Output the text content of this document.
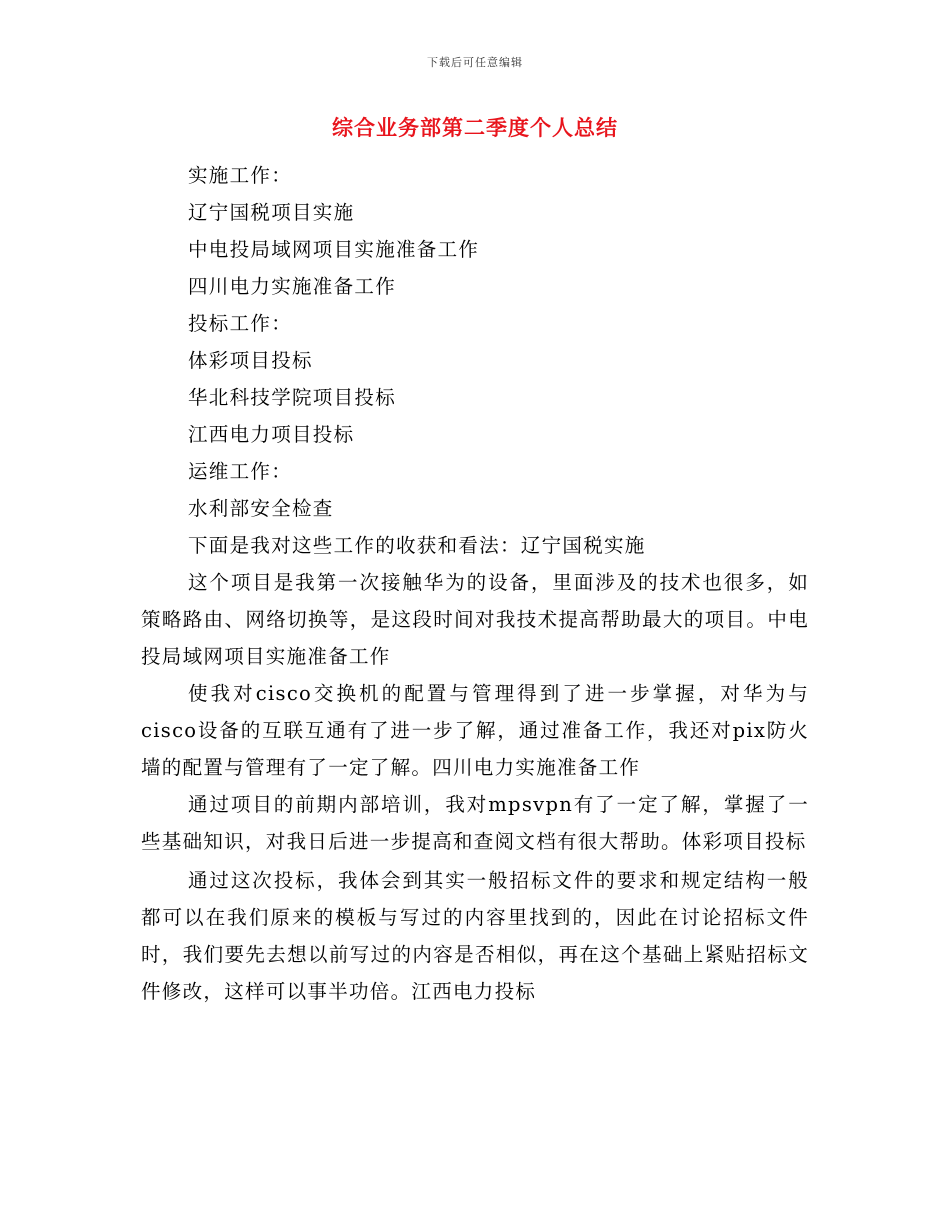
下载后可任意编辑
综合业务部第二季度个人总结
实施工作：
辽宁国税项目实施
中电投局域网项目实施准备工作
四川电力实施准备工作
投标工作：
体彩项目投标
华北科技学院项目投标
江西电力项目投标
运维工作：
水利部安全检查
下面是我对这些工作的收获和看法：辽宁国税实施

这个项目是我第一次接触华为的设备，里面涉及的技术也很多，如策略路由、网络切换等，是这段时间对我技术提高帮助最大的项目。中电投局域网项目实施准备工作

使我对cisco交换机的配置与管理得到了进一步掌握，对华为与cisco设备的互联互通有了进一步了解，通过准备工作，我还对pix防火墙的配置与管理有了一定了解。四川电力实施准备工作

通过项目的前期内部培训，我对mpsvpn有了一定了解，掌握了一些基础知识，对我日后进一步提高和查阅文档有很大帮助。体彩项目投标

通过这次投标，我体会到其实一般招标文件的要求和规定结构一般都可以在我们原来的模板与写过的内容里找到的，因此在讨论招标文件时，我们要先去想以前写过的内容是否相似，再在这个基础上紧贴招标文件修改，这样可以事半功倍。江西电力投标
